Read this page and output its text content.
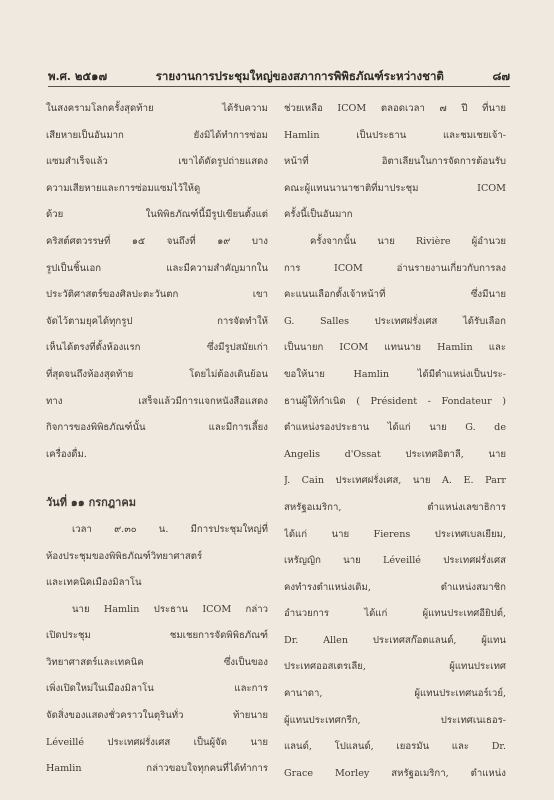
พ.ศ. ๒๕๑๗	รายงานการประชุมใหญ่ของสภาการพิพิธภัณฑ์ระหว่างชาติ	๘๗
ในสงครามโลกครั้งสุดท้าย ได้รับความ
เสียหายเป็นอันมาก ยังมิได้ทำการซ่อม
แซมสำเร็จแล้ว เขาได้ดัดรูปถ่ายแสดง
ความเสียหายและการซ่อมแซมไว้ให้ดู
ด้วย ในพิพิธภัณฑ์นี้มีรูปเขียนตั้งแต่
คริสต์ศตวรรษที่ ๑๕ จนถึงที่ ๑๙ บาง
รูปเป็นชิ้นเอก และมีความสำคัญมากใน
ประวัติศาสตร์ของศิลปะตะวันตก เขา
จัดไว้ตามยุคได้ทุกรูป การจัดทำให้
เห็นได้ตรงที่ตั้งห้องแรก ซึ่งมีรูปสมัยเก่า
ที่สุดจนถึงห้องสุดท้าย โดยไม่ต้องเดินย้อน
ทาง เสร็จแล้วมีการแจกหนังสือแสดง
กิจการของพิพิธภัณฑ์นั้น และมีการเลี้ยง
เครื่องดื่ม.
วันที่ ๑๑ กรกฎาคม
เวลา ๙.๓๐ น. มีการประชุมใหญ่ที่
ห้องประชุมของพิพิธภัณฑ์วิทยาศาสตร์
และเทคนิคเมืองมิลาโน
นาย Hamlin ประธาน ICOM กล่าว
เปิดประชุม ชมเชยการจัดพิพิธภัณฑ์
วิทยาศาสตร์และเทคนิค ซึ่งเป็นของ
เพิ่งเปิดใหม่ในเมืองมิลาโน และการ
จัดสิ่งของแสดงชั่วคราวในตุรินทั่ว ท้ายนาย
Léveillé ประเทศฝรั่งเศส เป็นผู้จัด นาย
Hamlin กล่าวขอบใจทุกคนที่ได้ทำการ
ช่วยเหลือ ICOM ตลอดเวลา ๗ ปี ที่นาย
Hamlin เป็นประธาน และชมเชยเจ้า-
หน้าที่ อิตาเลียนในการจัดการต้อนรับ
คณะผู้แทนนานาชาติที่มาประชุม ICOM
ครั้งนี้เป็นอันมาก
ครั้งจากนั้น นาย Rivière ผู้อำนวย
การ ICOM อ่านรายงานเกี่ยวกับการลง
คะแนนเลือกตั้งเจ้าหน้าที่ ซึ่งมีนาย
G. Salles ประเทศฝรั่งเศส ได้รับเลือก
เป็นนายก ICOM แทนนาย Hamlin และ
ขอให้นาย Hamlin ได้มีตำแหน่งเป็นประ-
ธานผู้ให้กำเนิด ( Président - Fondateur )
ตำแหน่งรองประธาน ได้แก่ นาย G. de
Angelis d'Ossat ประเทศอิตาลี, นาย
J. Cain ประเทศฝรั่งเศส, นาย A. E. Parr
สหรัฐอเมริกา, ตำแหน่งเลขาธิการ
ได้แก่ นาย Fierens ประเทศเบลเยียม,
เหรัญญิก นาย Léveillé ประเทศฝรั่งเศส
คงทำรงตำแหน่งเดิม, ตำแหน่งสมาชิก
อำนวยการ ได้แก่ ผู้แทนประเทศอียิปต์,
Dr. Allen ประเทศสก๊อตแลนด์, ผู้แทน
ประเทศออสเตรเลีย, ผู้แทนประเทศ
คานาดา, ผู้แทนประเทศนอร์เวย์,
ผู้แทนประเทศกรีก, ประเทศเนเธอร-
แลนด์, โปแลนด์, เยอรมัน และ Dr.
Grace Morley สหรัฐอเมริกา, ตำแหน่ง
